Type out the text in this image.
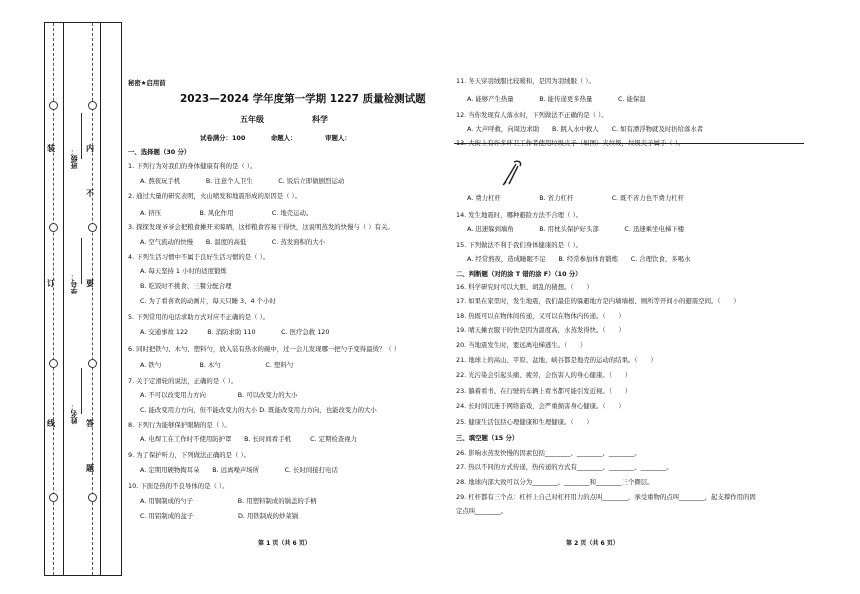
装
订
线
内
不
要
答
题
班级：
学号：
姓名：
秘密★启用前
2023—2024 学年度第一学期 1227 质量检测试题
五年级	科学
试卷满分：100　　　　命题人：　　　　　审题人：
一、选择题（30 分）
1. 下列行为对我们的身体健康有利的是（ ）。
A. 熬夜玩手机　　　　B. 注意个人卫生　　　　C. 饭后立即做剧烈运动
2. 通过大量的研究表明，火山喷发和地震形成的原因是（ ）。
A. 挤压　　　　　　B. 风化作用　　　　　　C. 地壳运动。
3. 探探发现爷爷会把粮食摊开来晾晒，这样粮食容易干得快，这说明蒸发的快慢与（ ）有关。
A. 空气流动的快慢　　B. 温度的高低　　　　C. 蒸发面积的大小
4. 下列生活习惯中不属于良好生活习惯的是（ ）。
A. 每天坚持 1 小时的适度锻炼
B. 吃饭时不挑食、三餐分配合理
C. 为了看喜欢的动画片，每天只睡 3、4 个小时
5. 下列常用的电话求助方式对应不正确的是（ ）。
A. 交通事故 122　　　B. 消防求助 110　　　　C. 医疗急救 120
6. 同时把铁勺、木勺、塑料勺，放入装有热水的碗中，过一会儿发现哪一把勺子变得最烫？（ ）
A. 铁勺　　　　　　B. 木勺　　　　　　　C. 塑料勺
7. 关于定滑轮的说法，正确的是（ ）。
A. 不可以改变用力方向　　　　　B. 可以改变力的大小
C. 能改变用力方向，但不能改变力的大小 D. 既能改变用力方向，也能改变力的大小
8. 下列行为能够保护眼睛的是（ ）。
A. 电焊工在工作时不使用防护罩　　B. 长时间看手机　　　C. 定期检查视力
9. 为了保护听力，下列做法正确的是（ ）。
A. 定期用硬物掏耳朵　　B. 远离噪声场所　　　　C. 长时间接打电话
10. 下面是热的不良导体的是（ ）。
A. 用铜制成的勺子　　　　　　　B. 用塑料制成的锅盖的手柄
C. 用铝制成的盆子　　　　　　　D. 用铁制成的炒菜锅
11. 冬天穿羽绒服比较暖和，是因为羽绒服（ ）。
A. 能够产生热量　　　　B. 能传递更多热量　　　　C. 能保温
12. 当你发现有人落水时，下列做法不正确的是（ ）。
A. 大声呼救，向周边求助　　B. 跳入水中救人　　C. 如有漂浮物就及时扔给落水者
13. 大街上有许多环卫工作者使用垃圾夹子（如图）夹垃圾，垃圾夹子属于（ ）。
A. 费力杠杆　　　　　　B. 省力杠杆　　　　　　C. 既不省力也不费力杠杆
14. 发生地震时，哪种避险方法不合理（ ）。
A. 迅速躲到墙角　　　　B. 用枕头保护好头部　　　　C. 迅速乘坐电梯下楼
15. 下列做法不利于我们身体健康的是（ ）。
A. 经常熬夜，造成睡眠不足　　B. 经常参加体育锻炼　　C. 合理饮食，多喝水
二、判断题（对的涂 T 错的涂 F）（10 分）
16. 科学研究时可以大胆、胡乱的猜想。（　　）
17. 如果在家里时，发生地震，我们最佳的躲避地方是内墙墙根、厕所等开间小的避震空间。（　　）
18. 热既可以在物体间传递，又可以在物体内传递。（　　）
19. 晴天摊衣服干的快是因为温度高，水蒸发得快。（　　）
20. 当地震发生时，要远离电梯逃生。（　　）
21. 地球上的高山、平原、盆地、峡谷都是地壳的运动的结果。（　　）
22. 光污染会引起头痛、疲劳，会伤害人的身心健康。（　　）
23. 躺着看书、在行驶的车辆上看书都可能引发近视。（　　）
24. 长时间沉迷于网络游戏，会严重损害身心健康。（　　）
25. 健康生活包括心理健康和生理健康。（　　）
三、填空题（15 分）
26. 影响水蒸发快慢的因素包括________、________、________。
27. 热以不同的方式传递，热传递的方式有________、________、________。
28. 地球内部大致可以分为________、________和________三个圈层。
29. 杠杆都有三个点：杠杆上自己对杠杆用力的点叫________，承受重物的点叫________，起支撑作用的固
定点叫________。
第 1 页（共 6 页）	第 2 页（共 6 页）
